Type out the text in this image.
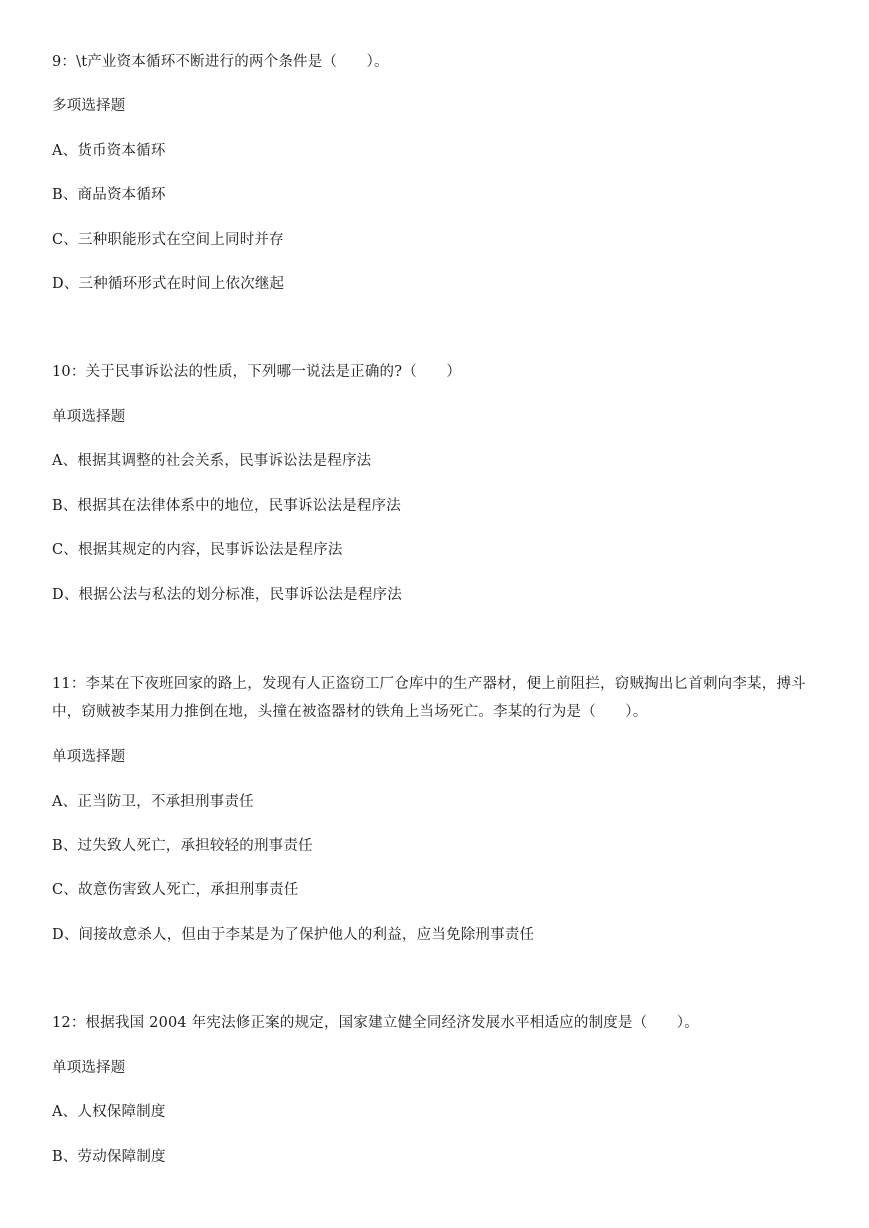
9：\t产业资本循环不断进行的两个条件是（　　）。
多项选择题
A、货币资本循环
B、商品资本循环
C、三种职能形式在空间上同时并存
D、三种循环形式在时间上依次继起
10：关于民事诉讼法的性质，下列哪一说法是正确的?（　　）
单项选择题
A、根据其调整的社会关系，民事诉讼法是程序法
B、根据其在法律体系中的地位，民事诉讼法是程序法
C、根据其规定的内容，民事诉讼法是程序法
D、根据公法与私法的划分标准，民事诉讼法是程序法
11：李某在下夜班回家的路上，发现有人正盗窃工厂仓库中的生产器材，便上前阻拦，窃贼掏出匕首刺向李某，搏斗中，窃贼被李某用力推倒在地，头撞在被盗器材的铁角上当场死亡。李某的行为是（　　）。
单项选择题
A、正当防卫，不承担刑事责任
B、过失致人死亡，承担较轻的刑事责任
C、故意伤害致人死亡，承担刑事责任
D、间接故意杀人，但由于李某是为了保护他人的利益，应当免除刑事责任
12：根据我国 2004 年宪法修正案的规定，国家建立健全同经济发展水平相适应的制度是（　　）。
单项选择题
A、人权保障制度
B、劳动保障制度
